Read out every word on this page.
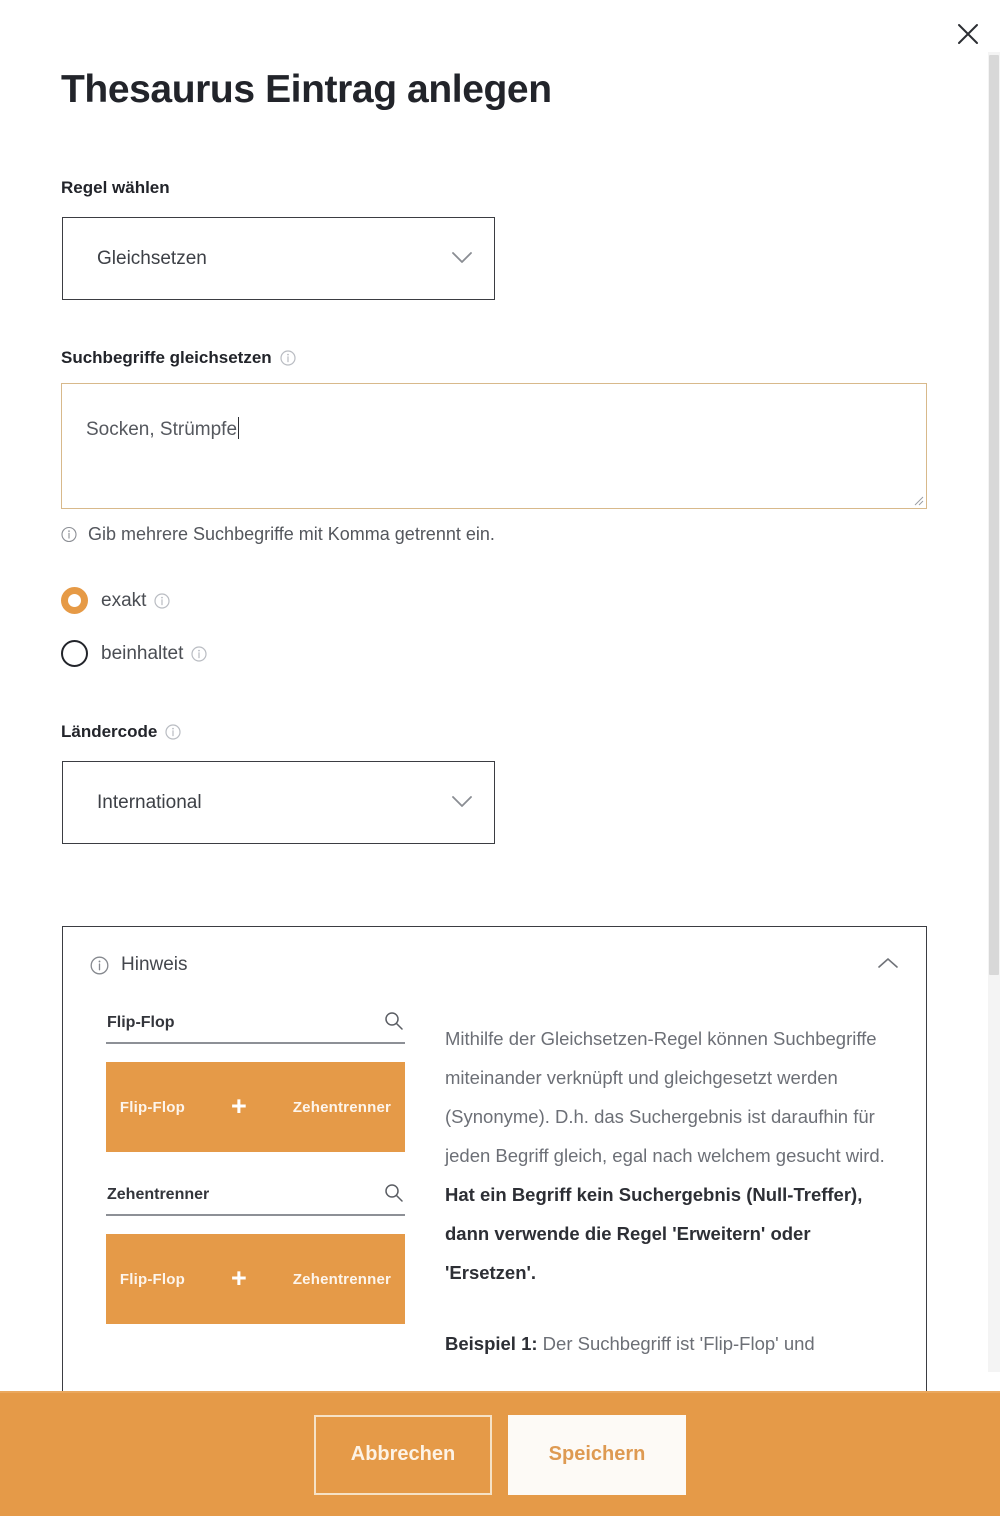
Thesaurus Eintrag anlegen
Regel wählen
Gleichsetzen
Suchbegriffe gleichsetzen
Socken, Strümpfe
Gib mehrere Suchbegriffe mit Komma getrennt ein.
exakt
beinhaltet
Ländercode
International
Hinweis
Flip-Flop
Flip-Flop +	Zehentrenner
Zehentrenner
Flip-Flop +	Zehentrenner

Mithilfe der Gleichsetzen-Regel können Suchbegriffe miteinander verknüpft und gleichgesetzt werden (Synonyme). D.h. das Suchergebnis ist daraufhin für jeden Begriff gleich, egal nach welchem gesucht wird.

Hat ein Begriff kein Suchergebnis (Null-Treffer), dann verwende die Regel 'Erweitern' oder 'Ersetzen'.

Beispiel 1: Der Suchbegriff ist 'Flip-Flop' und

Abbrechen	Speichern
